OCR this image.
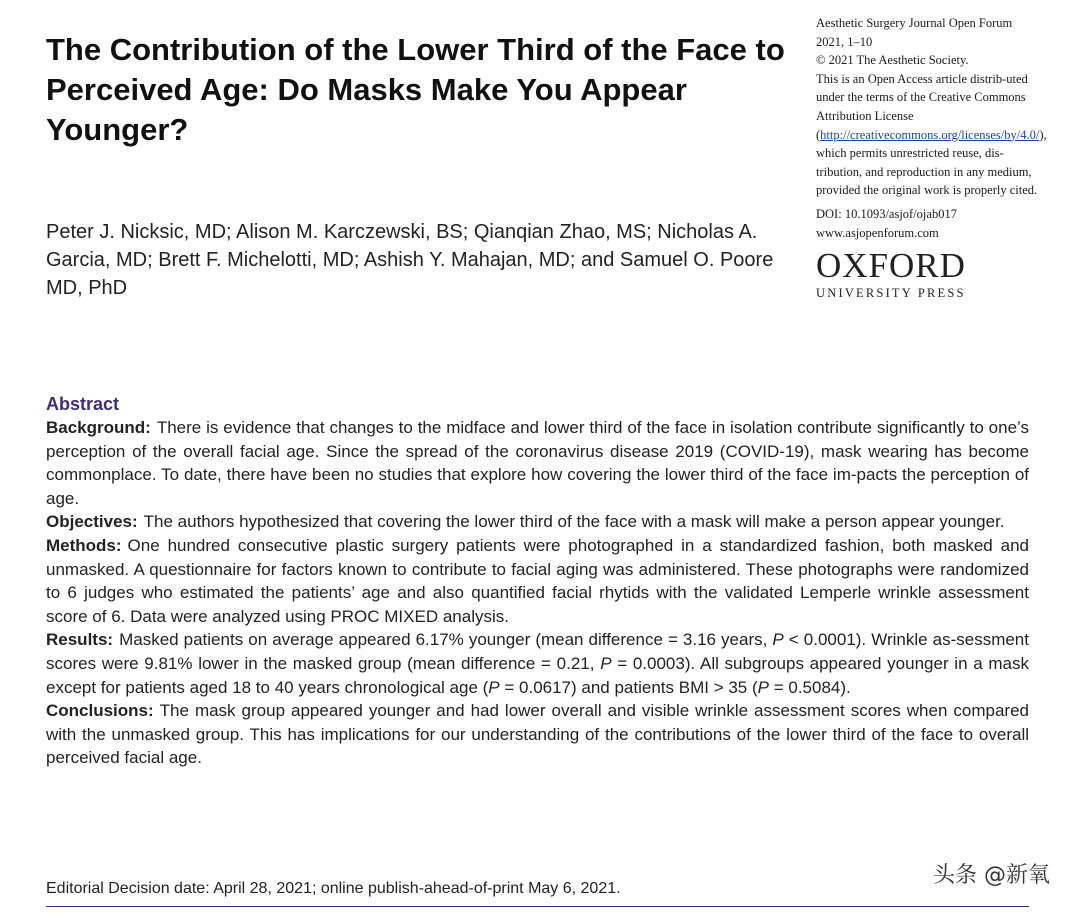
The Contribution of the Lower Third of the Face to Perceived Age: Do Masks Make You Appear Younger?

Peter J. Nicksic, MD; Alison M. Karczewski, BS; Qianqian Zhao, MS; Nicholas A. Garcia, MD; Brett F. Michelotti, MD; Ashish Y. Mahajan, MD; and Samuel O. Poore MD, PhD

Aesthetic Surgery Journal Open Forum

2021, 1–10

© 2021 The Aesthetic Society.

This is an Open Access article distrib-uted under the terms of the Creative Commons Attribution License (http://creativecommons.org/licenses/by/4.0/), which permits unrestricted reuse, dis-tribution, and reproduction in any medium, provided the original work is properly cited.

DOI: 10.1093/asjof/ojab017

www.asjopenforum.com

OXFORD
UNIVERSITY PRESS
Abstract

Background: There is evidence that changes to the midface and lower third of the face in isolation contribute significantly to one’s perception of the overall facial age. Since the spread of the coronavirus disease 2019 (COVID-19), mask wearing has become commonplace. To date, there have been no studies that explore how covering the lower third of the face im-pacts the perception of age.

Objectives: The authors hypothesized that covering the lower third of the face with a mask will make a person appear younger.

Methods: One hundred consecutive plastic surgery patients were photographed in a standardized fashion, both masked and unmasked. A questionnaire for factors known to contribute to facial aging was administered. These photographs were randomized to 6 judges who estimated the patients’ age and also quantified facial rhytids with the validated Lemperle wrinkle assessment score of 6. Data were analyzed using PROC MIXED analysis.

Results: Masked patients on average appeared 6.17% younger (mean difference = 3.16 years, P < 0.0001). Wrinkle as-sessment scores were 9.81% lower in the masked group (mean difference = 0.21, P = 0.0003). All subgroups appeared younger in a mask except for patients aged 18 to 40 years chronological age (P = 0.0617) and patients BMI > 35 (P = 0.5084).

Conclusions: The mask group appeared younger and had lower overall and visible wrinkle assessment scores when compared with the unmasked group. This has implications for our understanding of the contributions of the lower third of the face to overall perceived facial age.

Editorial Decision date: April 28, 2021; online publish-ahead-of-print May 6, 2021.
头条 @新氧
